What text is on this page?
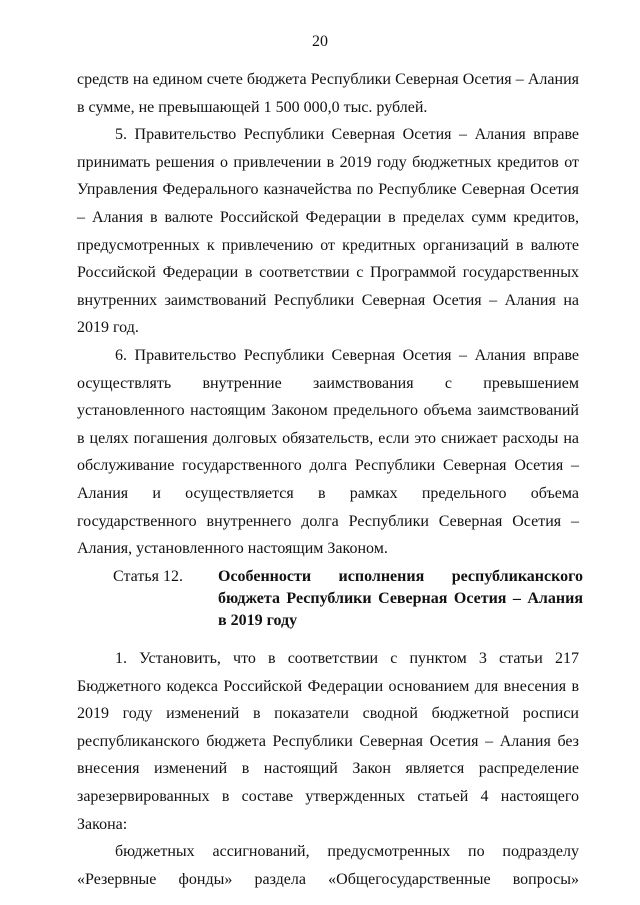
20

средств на едином счете бюджета Республики Северная Осетия – Алания в сумме, не превышающей 1 500 000,0 тыс. рублей.

5. Правительство Республики Северная Осетия – Алания вправе принимать решения о привлечении в 2019 году бюджетных кредитов от Управления Федерального казначейства по Республике Северная Осетия – Алания в валюте Российской Федерации в пределах сумм кредитов, предусмотренных к привлечению от кредитных организаций в валюте Российской Федерации в соответствии с Программой государственных внутренних заимствований Республики Северная Осетия – Алания на 2019 год.

6. Правительство Республики Северная Осетия – Алания вправе осуществлять внутренние заимствования с превышением установленного настоящим Законом предельного объема заимствований в целях погашения долговых обязательств, если это снижает расходы на обслуживание государственного долга Республики Северная Осетия – Алания и осуществляется в рамках предельного объема государственного внутреннего долга Республики Северная Осетия – Алания, установленного настоящим Законом.

Статья 12. Особенности исполнения республиканского бюджета Республики Северная Осетия – Алания в 2019 году

1. Установить, что в соответствии с пунктом 3 статьи 217 Бюджетного кодекса Российской Федерации основанием для внесения в 2019 году изменений в показатели сводной бюджетной росписи республиканского бюджета Республики Северная Осетия – Алания без внесения изменений в настоящий Закон является распределение зарезервированных в составе утвержденных статьей 4 настоящего Закона:

бюджетных ассигнований, предусмотренных по подразделу
«Резервные фонды» раздела «Общегосударственные вопросы»
